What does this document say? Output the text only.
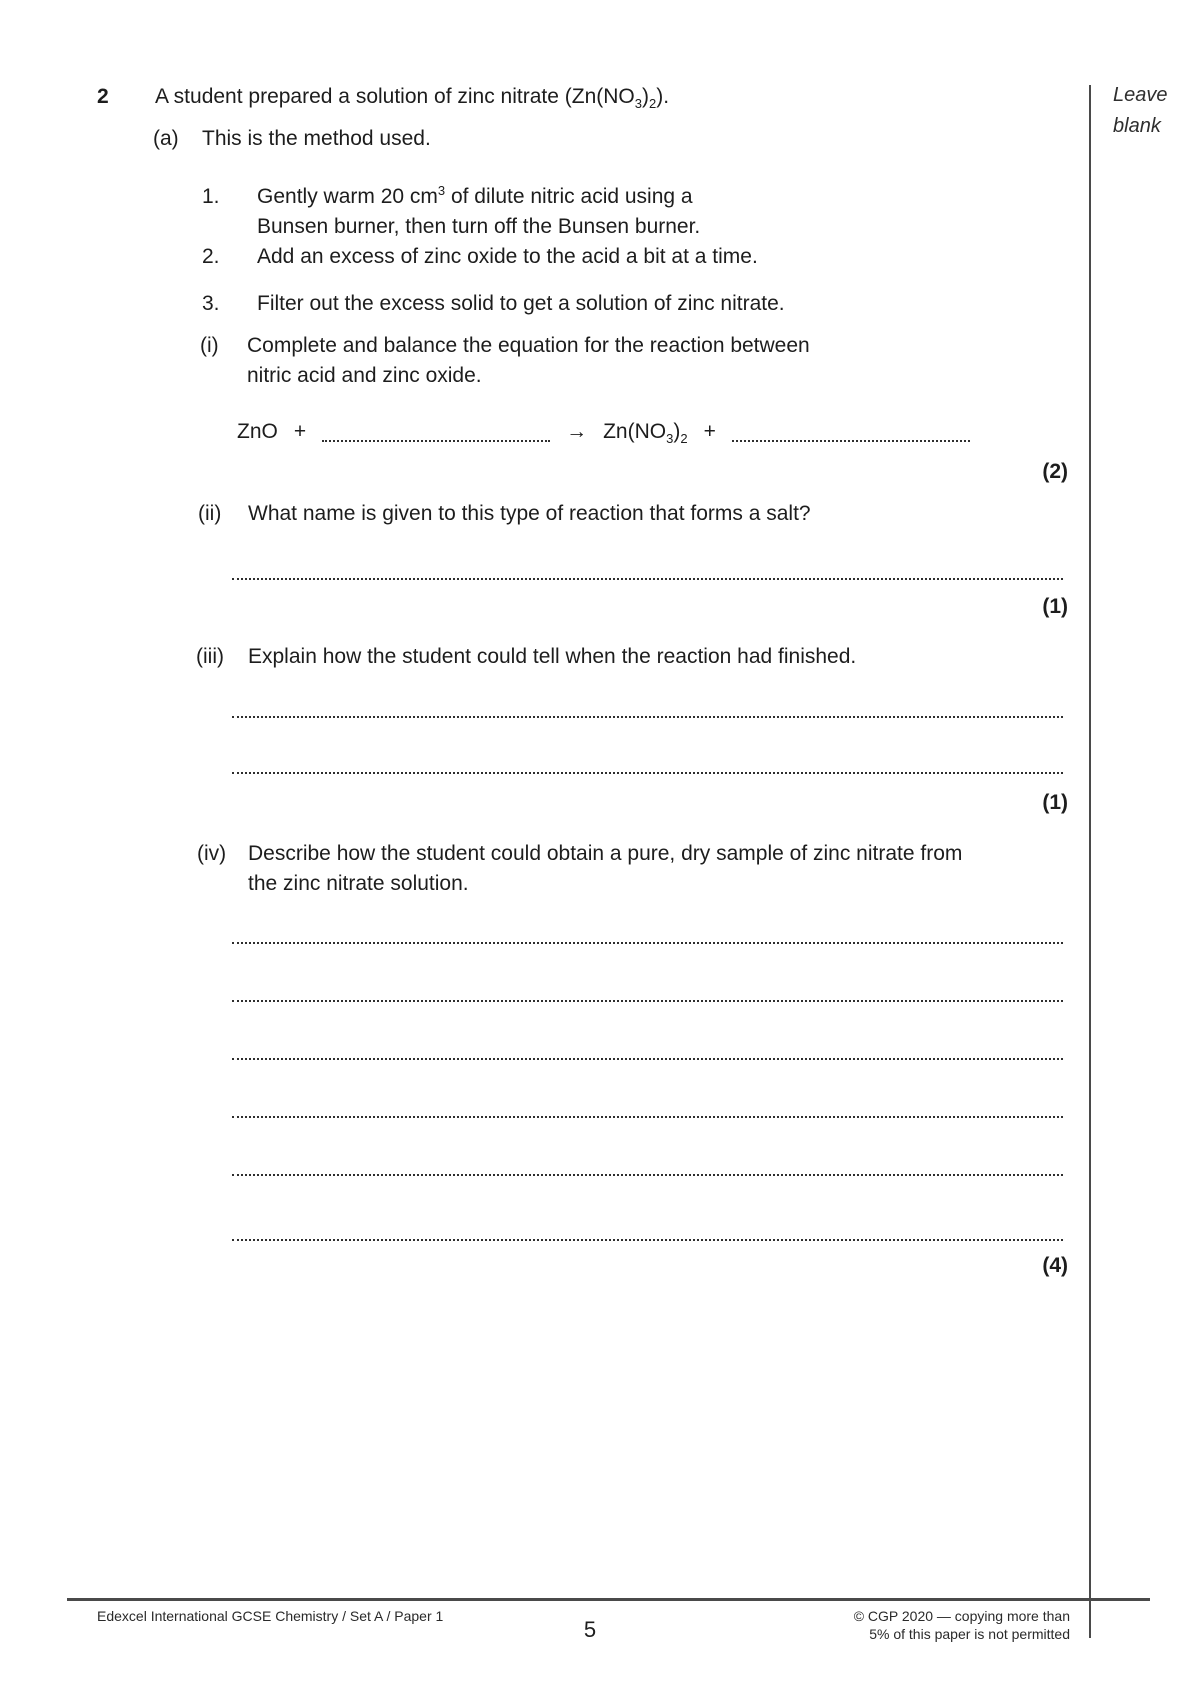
Leave
blank
2 A student prepared a solution of zinc nitrate $(Zn(NO_3)_2)$.
(a) This is the method used.
1. Gently warm 20 $cm^3$ of dilute nitric acid using a
Bunsen burner, then turn off the Bunsen burner.
2. Add an excess of zinc oxide to the acid a bit at a time.
3. Filter out the excess solid to get a solution of zinc nitrate.
(i) Complete and balance the equation for the reaction between
nitric acid and zinc oxide.
ZnO +	→ $Zn(NO_3)_2$ +
(2)
(ii) What name is given to this type of reaction that forms a salt?
(1)
(iii) Explain how the student could tell when the reaction had finished.
(1)
(iv) Describe how the student could obtain a pure, dry sample of zinc nitrate from
the zinc nitrate solution.
(4)
Edexcel International GCSE Chemistry / Set A / Paper 1
5
© CGP 2020 — copying more than
5% of this paper is not permitted
